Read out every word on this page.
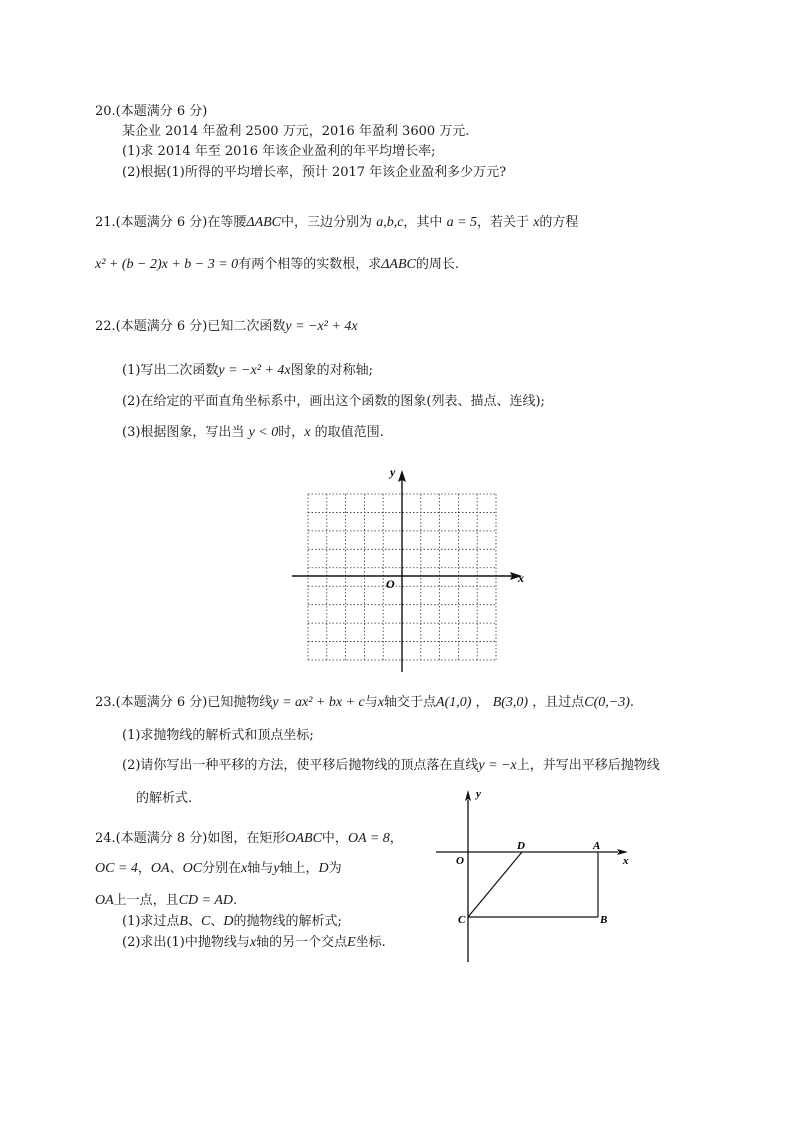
20.(本题满分 6 分)
某企业 2014 年盈利 2500 万元，2016 年盈利 3600 万元.
(1)求 2014 年至 2016 年该企业盈利的年平均增长率;
(2)根据(1)所得的平均增长率，预计 2017 年该企业盈利多少万元?
21.(本题满分 6 分)在等腰ΔABC中，三边分别为 a,b,c，其中 a = 5，若关于 x的方程
x² + (b − 2)x + b − 3 = 0有两个相等的实数根，求ΔABC的周长.
22.(本题满分 6 分)已知二次函数y = −x² + 4x
(1)写出二次函数y = −x² + 4x图象的对称轴;
(2)在给定的平面直角坐标系中，画出这个函数的图象(列表、描点、连线);
(3)根据图象，写出当 y < 0时，x 的取值范围.
x
y
O
23.(本题满分 6 分)已知抛物线y = ax² + bx + c与x轴交于点A(1,0) ， B(3,0) ，且过点C(0,−3).
(1)求抛物线的解析式和顶点坐标;
(2)请你写出一种平移的方法，使平移后抛物线的顶点落在直线y = −x上，并写出平移后抛物线
的解析式.
24.(本题满分 8 分)如图，在矩形OABC中，OA = 8，
OC = 4，OA、OC分别在x轴与y轴上，D为
OA上一点，且CD = AD.
(1)求过点B、C、D的抛物线的解析式;
(2)求出(1)中抛物线与x轴的另一个交点E坐标.
y
x
O
D	A
C	B
